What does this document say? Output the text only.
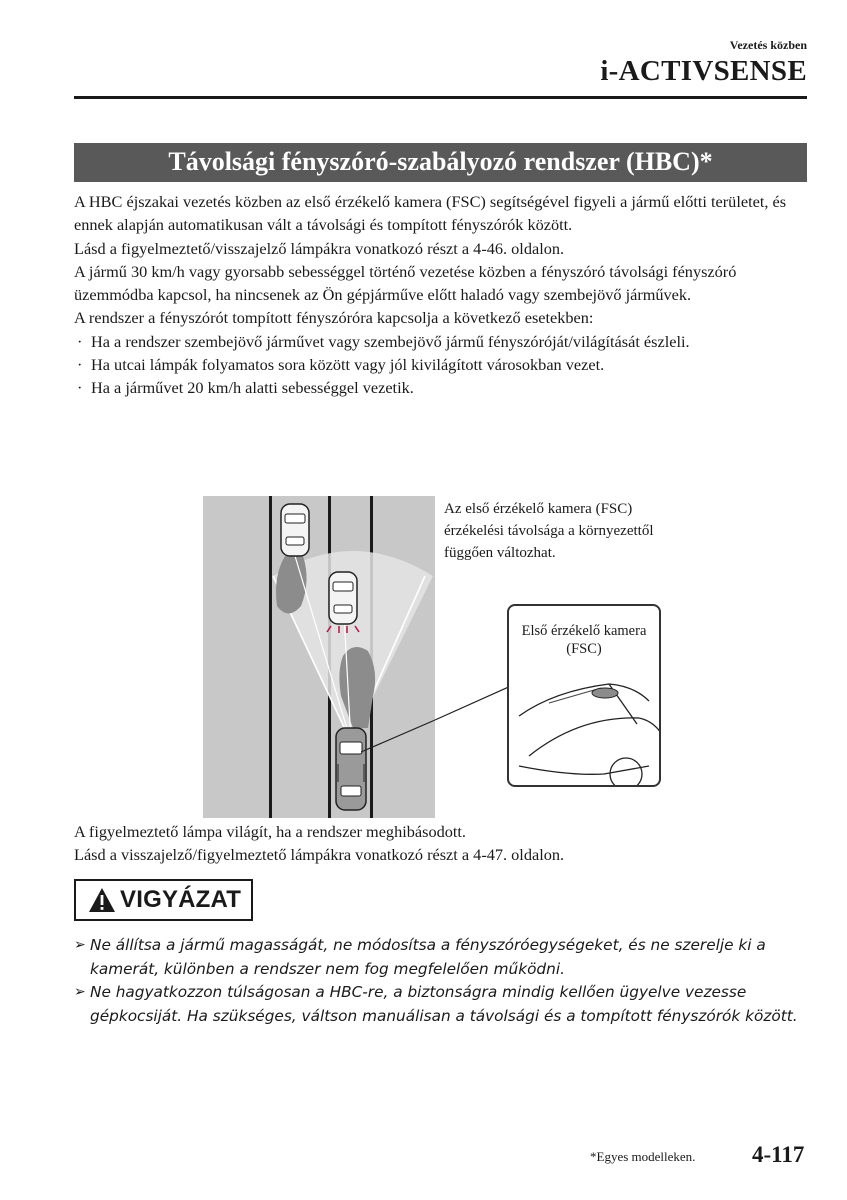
Vezetés közben
i-ACTIVSENSE
Távolsági fényszóró-szabályozó rendszer (HBC)*

A HBC éjszakai vezetés közben az első érzékelő kamera (FSC) segítségével figyeli a jármű előtti területet, és ennek alapján automatikusan vált a távolsági és tompított fényszórók között.

Lásd a figyelmeztető/visszajelző lámpákra vonatkozó részt a 4-46. oldalon.

A jármű 30 km/h vagy gyorsabb sebességgel történő vezetése közben a fényszóró távolsági fényszóró üzemmódba kapcsol, ha nincsenek az Ön gépjárműve előtt haladó vagy szembejövő járművek.

A rendszer a fényszórót tompított fényszóróra kapcsolja a következő esetekben:

· Ha a rendszer szembejövő járművet vagy szembejövő jármű fényszóróját/világítását észleli.
· Ha utcai lámpák folyamatos sora között vagy jól kivilágított városokban vezet.
· Ha a járművet 20 km/h alatti sebességgel vezetik.
Az első érzékelő kamera (FSC) érzékelési távolsága a környezettől függően változhat.
Első érzékelő kamera (FSC)

A figyelmeztető lámpa világít, ha a rendszer meghibásodott.

Lásd a visszajelző/figyelmeztető lámpákra vonatkozó részt a 4-47. oldalon.

VIGYÁZAT
➢ Ne állítsa a jármű magasságát, ne módosítsa a fényszóróegységeket, és ne szerelje ki a kamerát, különben a rendszer nem fog megfelelően működni.
➢ Ne hagyatkozzon túlságosan a HBC-re, a biztonságra mindig kellően ügyelve vezesse gépkocsiját. Ha szükséges, váltson manuálisan a távolsági és a tompított fényszórók között.
*Egyes modelleken. 4-117
